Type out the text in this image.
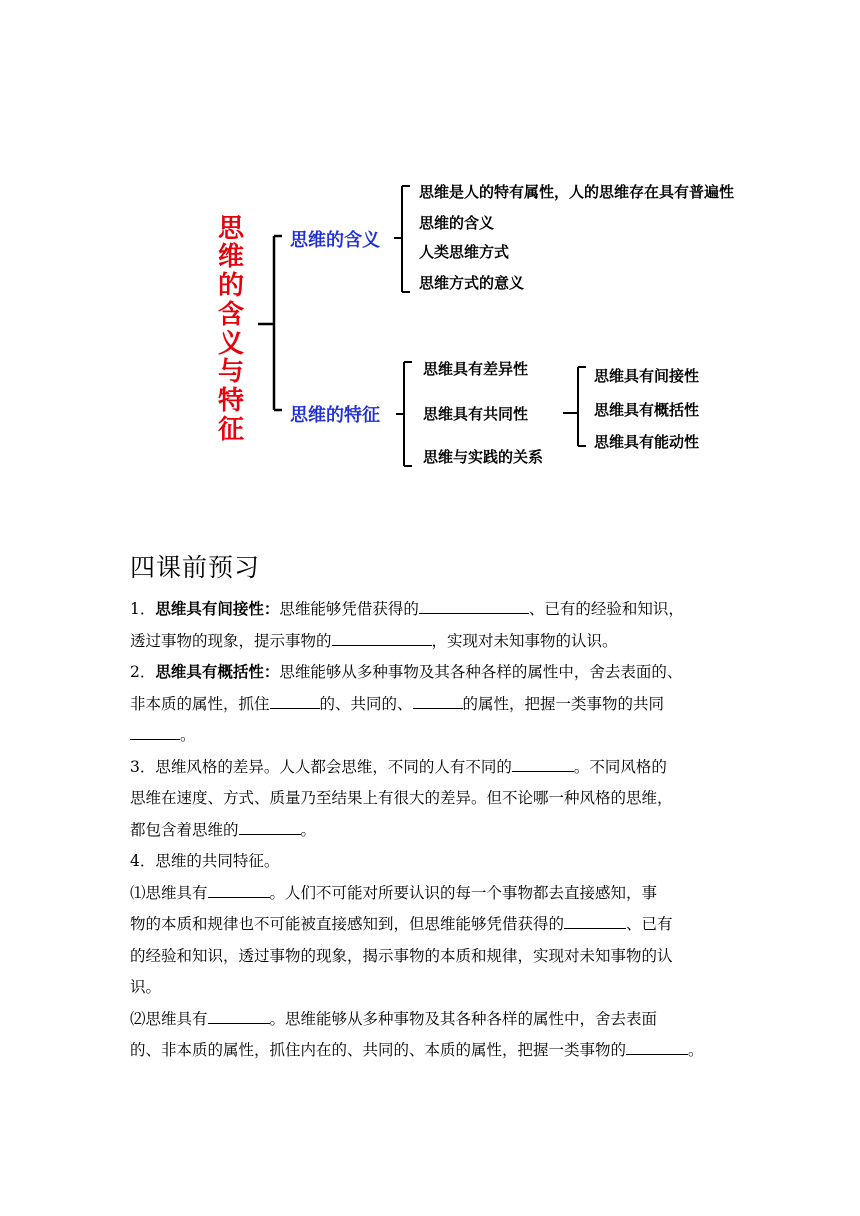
思
维
的
含
义
与
特
征
思维的含义
思维的特征
思维是人的特有属性，人的思维存在具有普遍性
思维的含义
人类思维方式
思维方式的意义
思维具有差异性
思维具有共同性
思维与实践的关系
思维具有间接性
思维具有概括性
思维具有能动性
四课前预习

1．思维具有间接性：思维能够凭借获得的	、已有的经验和知识，
透过事物的现象，提示事物的	，实现对未知事物的认识。

2．思维具有概括性：思维能够从多种事物及其各种各样的属性中，舍去表面的、
非本质的属性，抓住	的、共同的、	的属性，把握一类事物的共同
。

3．思维风格的差异。人人都会思维，不同的人有不同的	。不同风格的
思维在速度、方式、质量乃至结果上有很大的差异。但不论哪一种风格的思维，
都包含着思维的	。

4．思维的共同特征。

⑴思维具有	。人们不可能对所要认识的每一个事物都去直接感知，事
物的本质和规律也不可能被直接感知到，但思维能够凭借获得的	、已有
的经验和知识，透过事物的现象，揭示事物的本质和规律，实现对未知事物的认
识。

⑵思维具有	。思维能够从多种事物及其各种各样的属性中，舍去表面
的、非本质的属性，抓住内在的、共同的、本质的属性，把握一类事物的	。
